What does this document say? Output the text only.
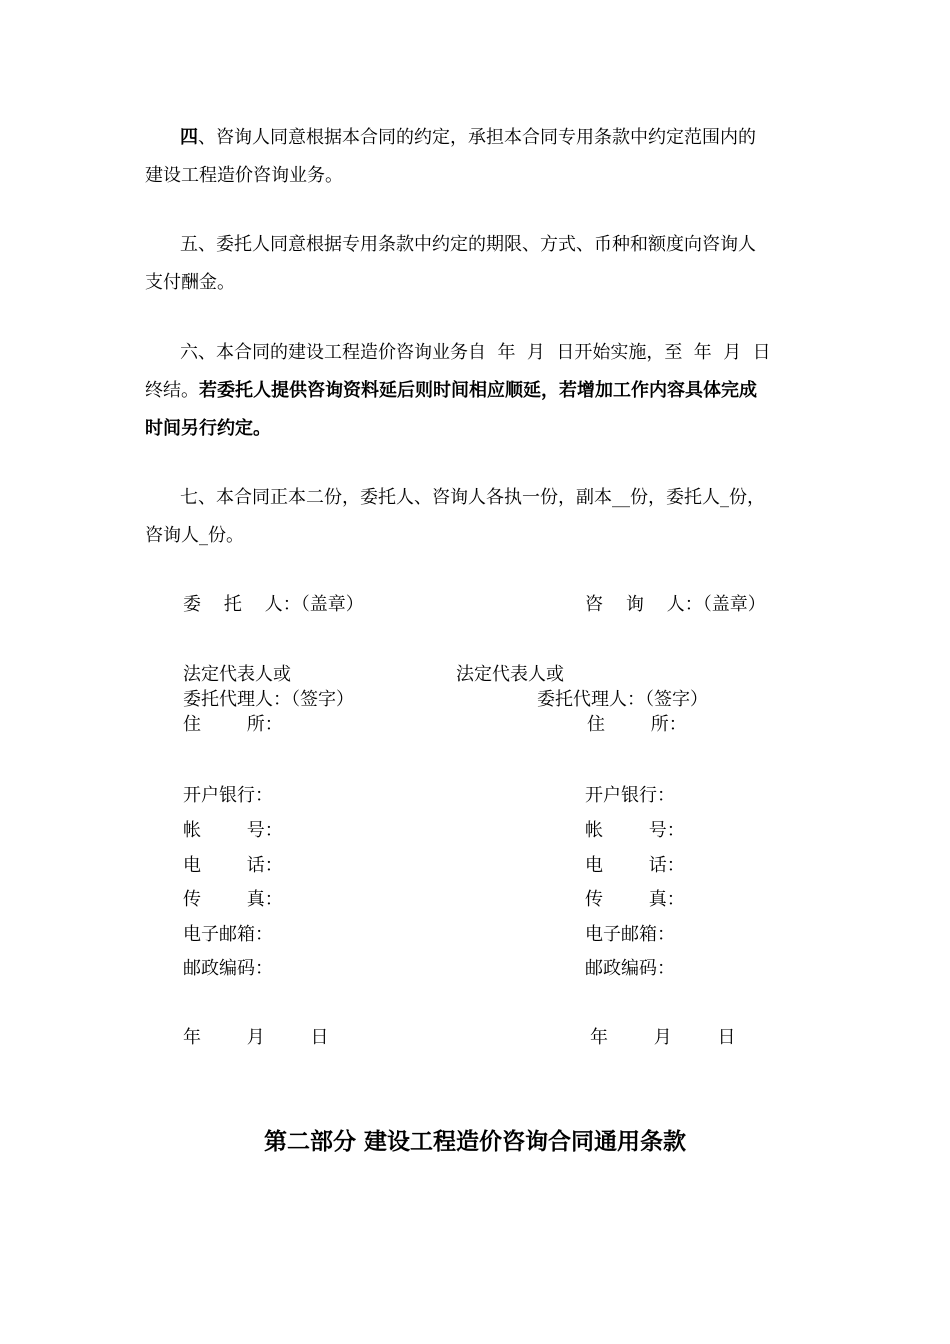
四、咨询人同意根据本合同的约定，承担本合同专用条款中约定范围内的
建设工程造价咨询业务。
五、委托人同意根据专用条款中约定的期限、方式、币种和额度向咨询人
支付酬金。
六、本合同的建设工程造价咨询业务自  年  月  日开始实施，至  年  月  日
终结。若委托人提供咨询资料延后则时间相应顺延，若增加工作内容具体完成
时间另行约定。
七、本合同正本二份，委托人、咨询人各执一份，副本__份，委托人_份，
咨询人_份。
委    托    人：（盖章）
法定代表人或
委托代理人：（签字）
住        所：
开户银行：
帐        号：
电        话：
传        真：
电子邮箱：
邮政编码：
年        月        日
咨    询    人：（盖章）
法定代表人或
委托代理人：（签字）
住        所：
开户银行：
帐        号：
电        话：
传        真：
电子邮箱：
邮政编码：
年        月        日
第二部分 建设工程造价咨询合同通用条款
